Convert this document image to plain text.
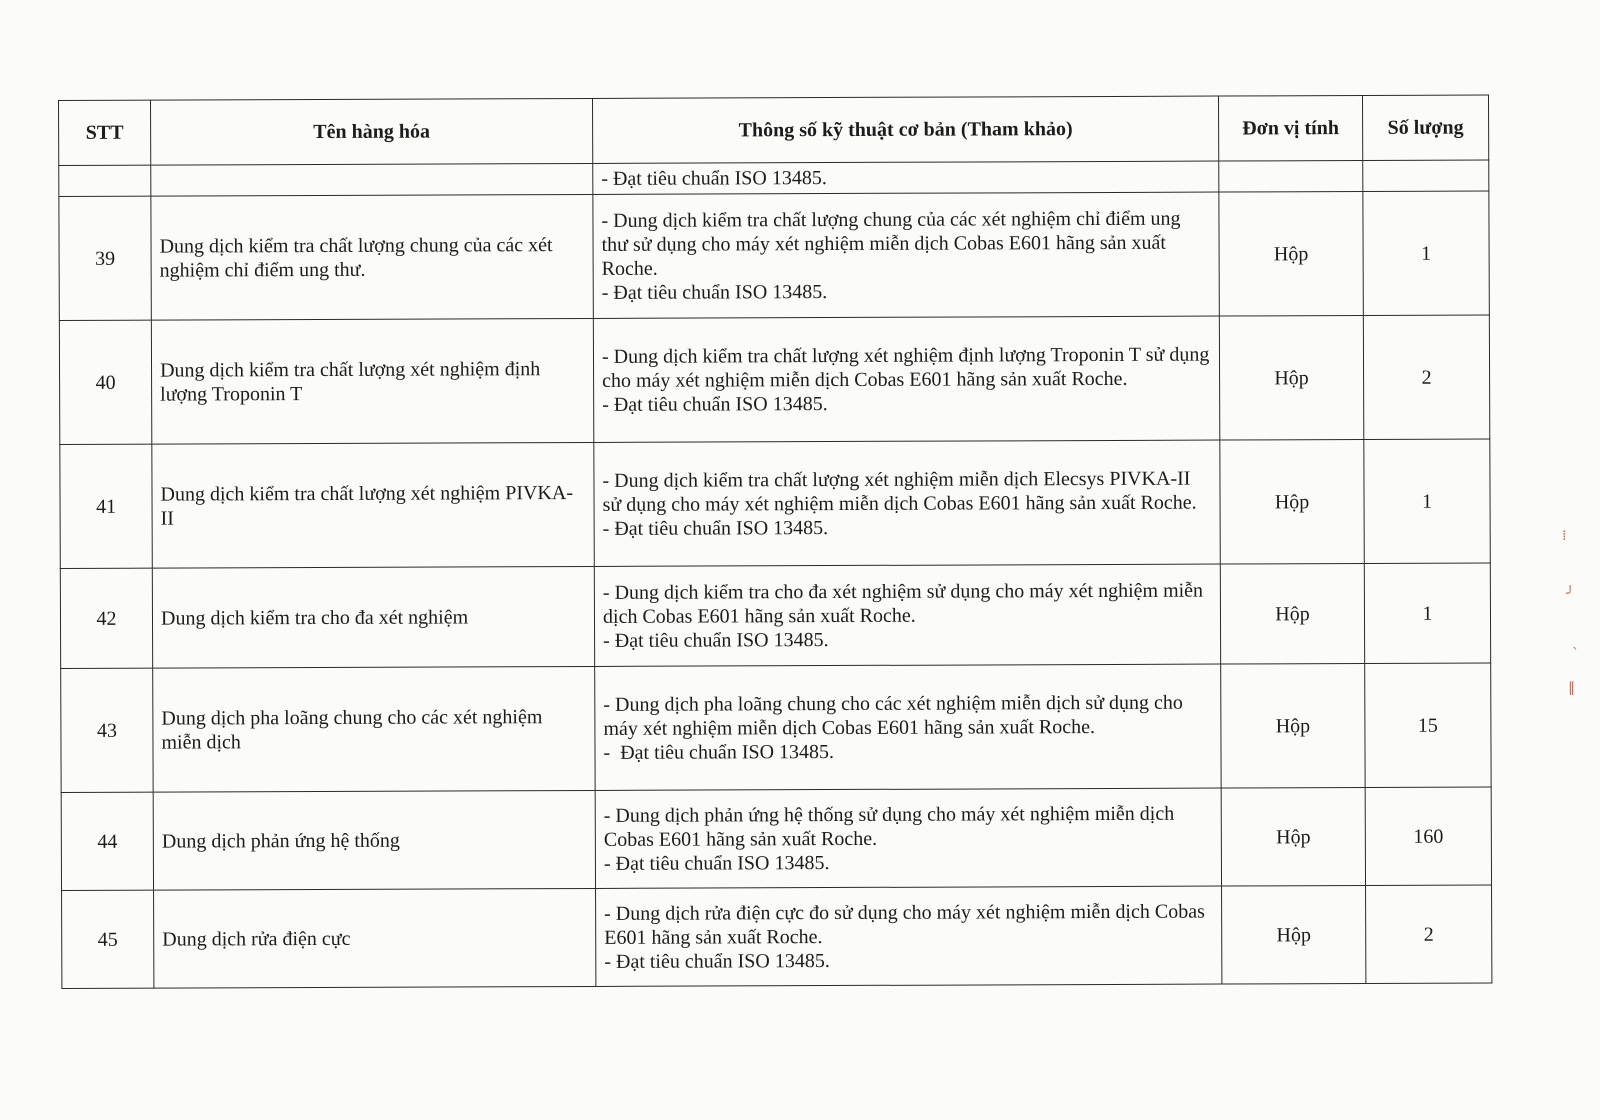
STT	Tên hàng hóa	Thông số kỹ thuật cơ bản (Tham khảo)	Đơn vị tính	Số lượng

		- Đạt tiêu chuẩn ISO 13485.		

39	Dung dịch kiểm tra chất lượng chung của các xét nghiệm chỉ điểm ung thư.	- Dung dịch kiểm tra chất lượng chung của các xét nghiệm chỉ điểm ung thư sử dụng cho máy xét nghiệm miễn dịch Cobas E601 hãng sản xuất Roche.
- Đạt tiêu chuẩn ISO 13485.	Hộp	1
40	Dung dịch kiểm tra chất lượng xét nghiệm định lượng Troponin T	- Dung dịch kiểm tra chất lượng xét nghiệm định lượng Troponin T sử dụng cho máy xét nghiệm miễn dịch Cobas E601 hãng sản xuất Roche.
- Đạt tiêu chuẩn ISO 13485.	Hộp	2
41	Dung dịch kiểm tra chất lượng xét nghiệm PIVKA-II	- Dung dịch kiểm tra chất lượng xét nghiệm miễn dịch Elecsys PIVKA-II sử dụng cho máy xét nghiệm miễn dịch Cobas E601 hãng sản xuất Roche.
- Đạt tiêu chuẩn ISO 13485.	Hộp	1
42	Dung dịch kiểm tra cho đa xét nghiệm	- Dung dịch kiểm tra cho đa xét nghiệm sử dụng cho máy xét nghiệm miễn dịch Cobas E601 hãng sản xuất Roche.
- Đạt tiêu chuẩn ISO 13485.	Hộp	1
43	Dung dịch pha loãng chung cho các xét nghiệm miễn dịch	- Dung dịch pha loãng chung cho các xét nghiệm miễn dịch sử dụng cho máy xét nghiệm miễn dịch Cobas E601 hãng sản xuất Roche.
-  Đạt tiêu chuẩn ISO 13485.	Hộp	15
44	Dung dịch phản ứng hệ thống	- Dung dịch phản ứng hệ thống sử dụng cho máy xét nghiệm miễn dịch Cobas E601 hãng sản xuất Roche.
- Đạt tiêu chuẩn ISO 13485.	Hộp	160
45	Dung dịch rửa điện cực	- Dung dịch rửa điện cực đo sử dụng cho máy xét nghiệm miễn dịch Cobas E601 hãng sản xuất Roche.
- Đạt tiêu chuẩn ISO 13485.	Hộp	2
⁞
╯
ˎ
∥
